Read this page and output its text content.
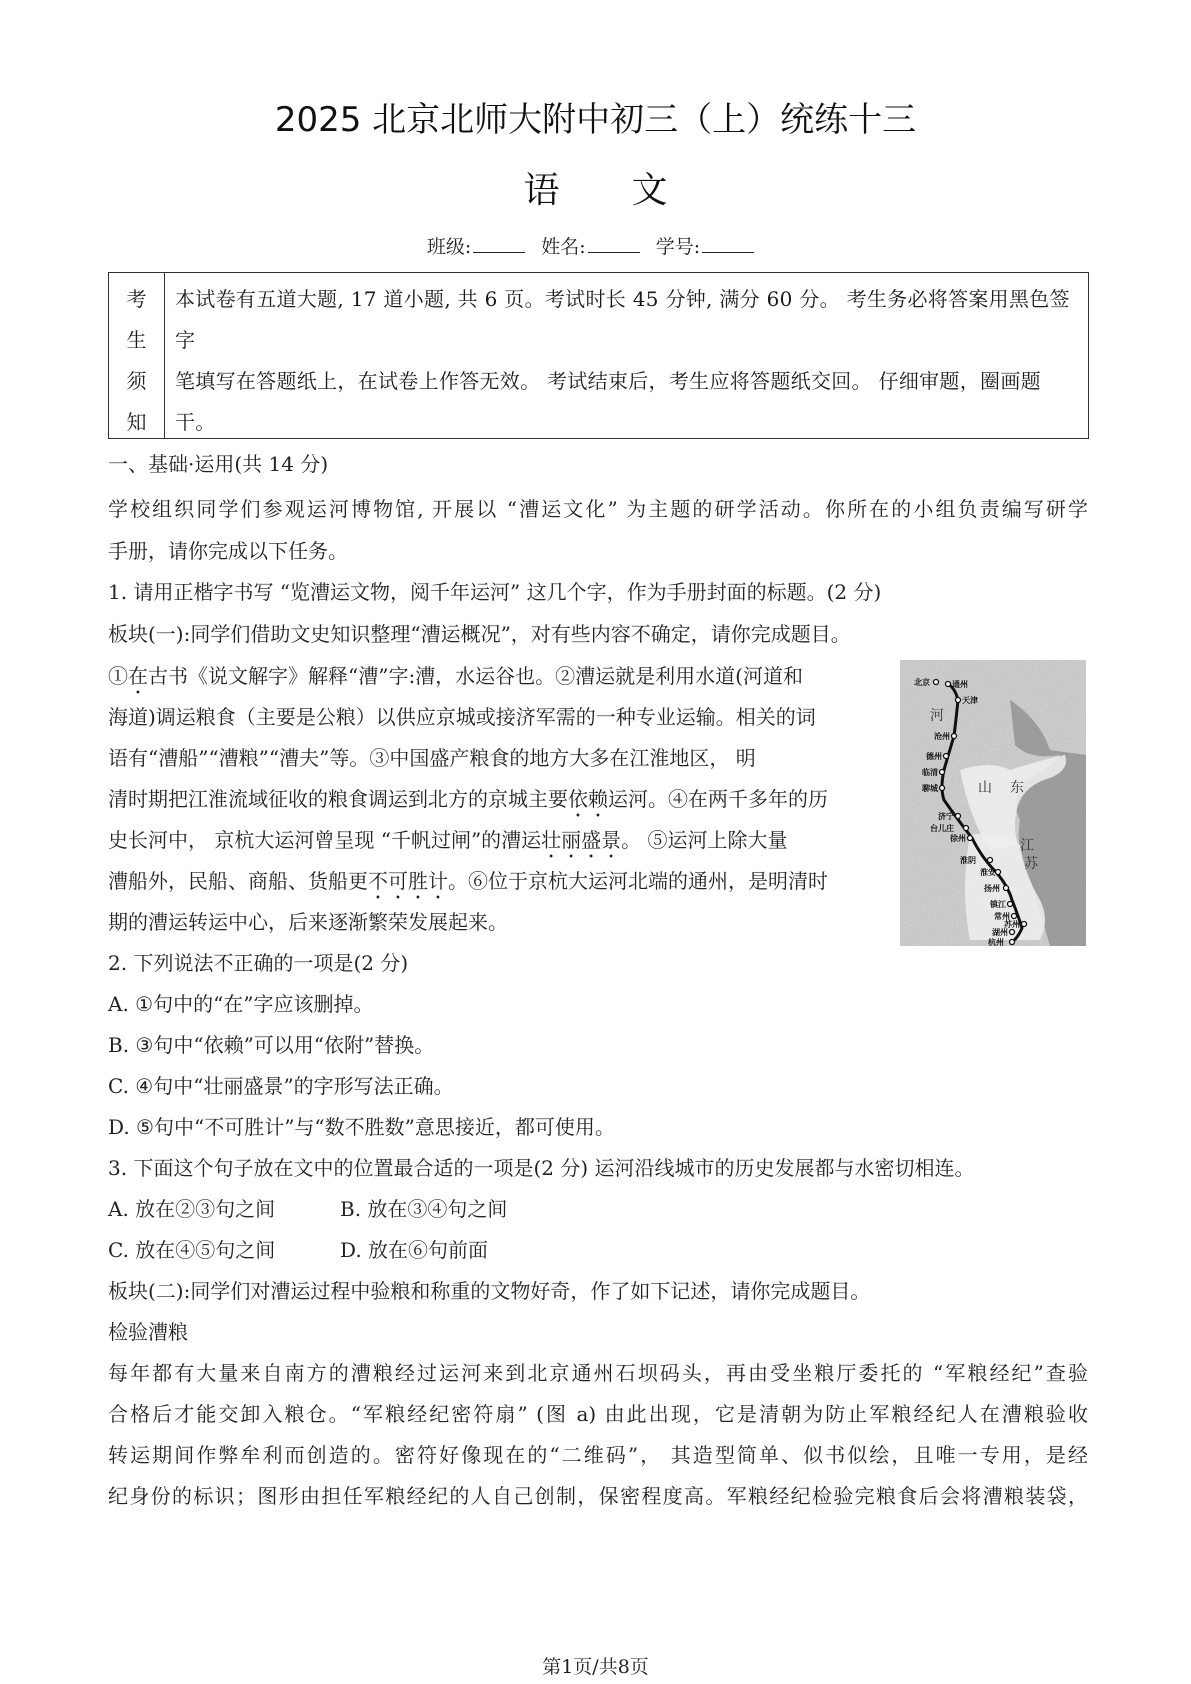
2025 北京北师大附中初三（上）统练十三
语 文
班级:	姓名:	学号:
考
生
须
知
本试卷有五道大题, 17 道小题, 共 6 页。考试时长 45 分钟, 满分 60 分。 考生务必将答案用黑色签字
笔填写在答题纸上，在试卷上作答无效。 考试结束后，考生应将答题纸交回。 仔细审题，圈画题
干。
一、基础·运用(共 14 分)
学校组织同学们参观运河博物馆, 开展以 “漕运文化” 为主题的研学活动。你所在的小组负责编写研学
手册，请你完成以下任务。
1. 请用正楷字书写 “览漕运文物，阅千年运河” 这几个字，作为手册封面的标题。(2 分)
板块(一):同学们借助文史知识整理“漕运概况”，对有些内容不确定，请你完成题目。
①在古书《说文解字》解释“漕”字:漕，水运谷也。②漕运就是利用水道(河道和
海道)调运粮食（主要是公粮）以供应京城或接济军需的一种专业运输。相关的词
语有“漕船”“漕粮”“漕夫”等。③中国盛产粮食的地方大多在江淮地区， 明
清时期把江淮流域征收的粮食调运到北方的京城主要依赖运河。④在两千多年的历
史长河中， 京杭大运河曾呈现 “千帆过闸”的漕运壮丽盛景。 ⑤运河上除大量
漕船外，民船、商船、货船更不可胜计。⑥位于京杭大运河北端的通州，是明清时
期的漕运转运中心，后来逐渐繁荣发展起来。
北京	通州
天津
沧州
德州
临清
聊城
济宁
台儿庄
徐州
淮阴
淮安
扬州
镇江
常州
苏州
湖州
杭州
山 东
江
苏
河
2. 下列说法不正确的一项是(2 分)
A. ①句中的“在”字应该删掉。
B. ③句中“依赖”可以用“依附”替换。
C. ④句中“壮丽盛景”的字形写法正确。
D. ⑤句中“不可胜计”与“数不胜数”意思接近，都可使用。
3. 下面这个句子放在文中的位置最合适的一项是(2 分) 运河沿线城市的历史发展都与水密切相连。
A. 放在②③句之间	B. 放在③④句之间
C. 放在④⑤句之间	D. 放在⑥句前面
板块(二):同学们对漕运过程中验粮和称重的文物好奇，作了如下记述，请你完成题目。
检验漕粮
每年都有大量来自南方的漕粮经过运河来到北京通州石坝码头，再由受坐粮厅委托的 “军粮经纪”查验
合格后才能交卸入粮仓。“军粮经纪密符扇” (图 a) 由此出现，它是清朝为防止军粮经纪人在漕粮验收
转运期间作弊牟利而创造的。密符好像现在的“二维码”， 其造型简单、似书似绘，且唯一专用，是经
纪身份的标识；图形由担任军粮经纪的人自己创制，保密程度高。军粮经纪检验完粮食后会将漕粮装袋，
第1页/共8页
